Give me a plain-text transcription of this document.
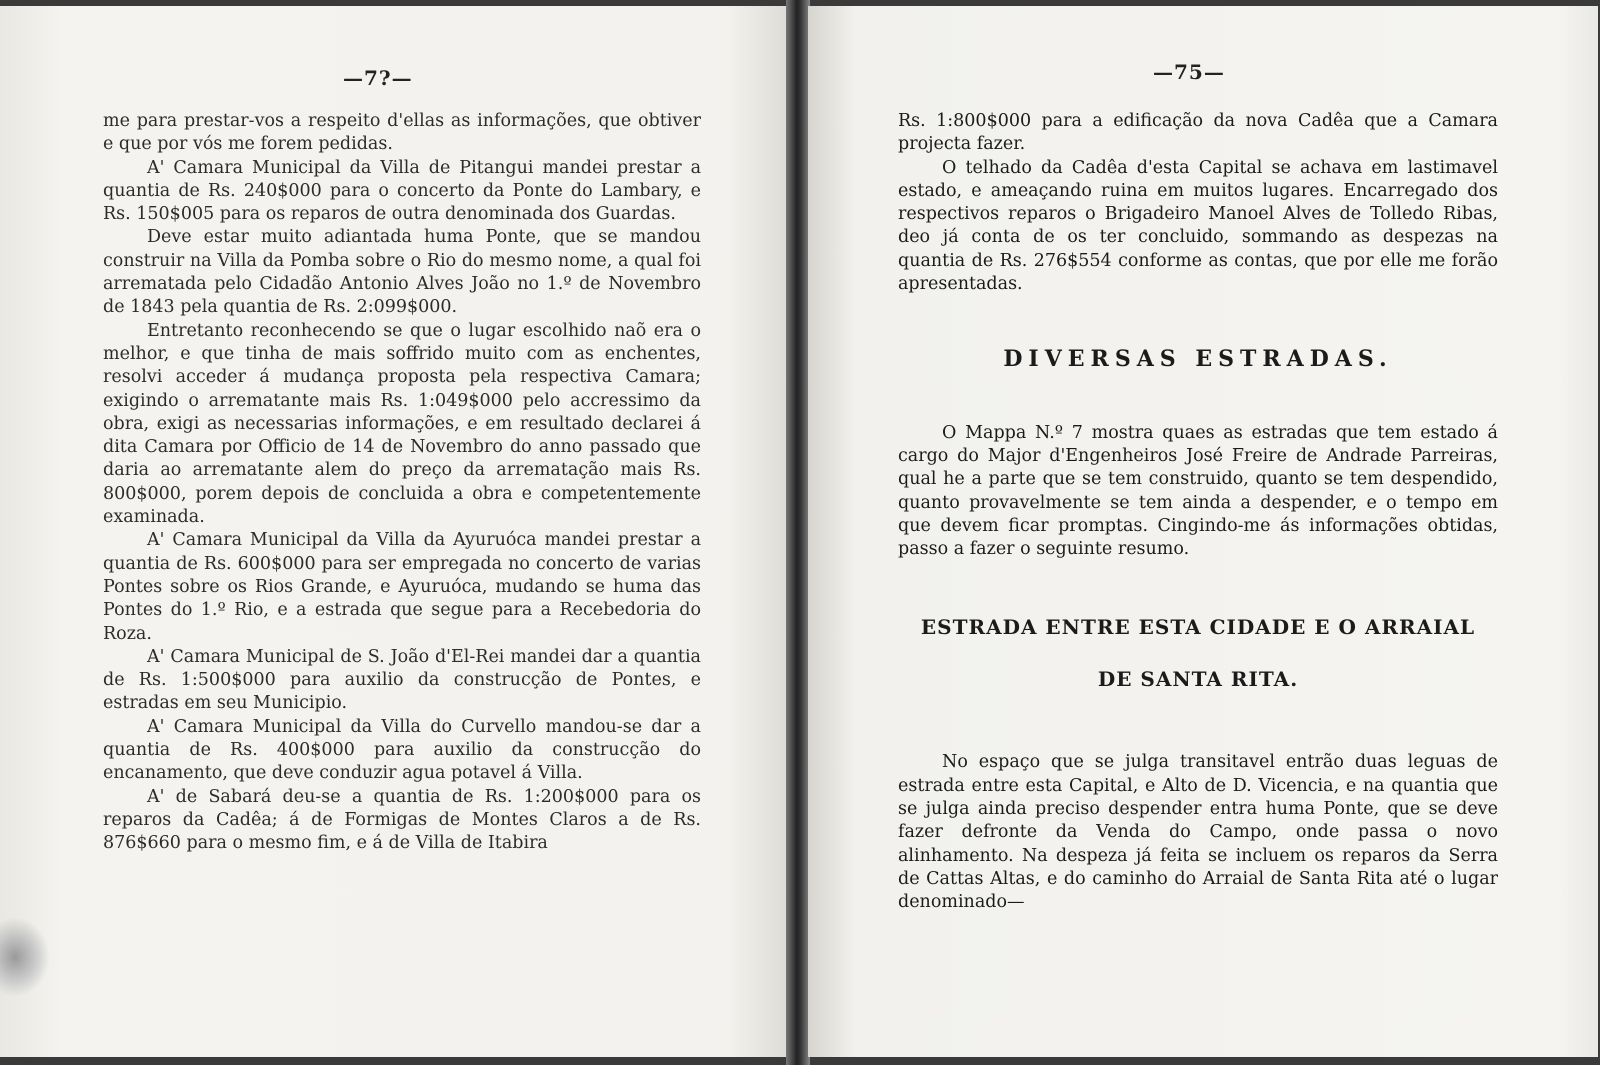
—7?—

me para prestar-vos a respeito d'ellas as informações, que obtiver e que por vós me forem pedidas.

A' Camara Municipal da Villa de Pitangui mandei prestar a quantia de Rs. 240$000 para o concerto da Ponte do Lambary, e Rs. 150$005 para os reparos de outra denominada dos Guardas.

Deve estar muito adiantada huma Ponte, que se mandou construir na Villa da Pomba sobre o Rio do mesmo nome, a qual foi arrematada pelo Cidadão Antonio Alves João no 1.º de Novembro de 1843 pela quantia de Rs. 2:099$000.

Entretanto reconhecendo se que o lugar escolhido naõ era o melhor, e que tinha de mais soffrido muito com as enchentes, resolvi acceder á mudança proposta pela respectiva Camara; exigindo o arrematante mais Rs. 1:049$000 pelo accressimo da obra, exigi as necessarias informações, e em resultado declarei á dita Camara por Officio de 14 de Novembro do anno passado que daria ao arrematante alem do preço da arrematação mais Rs. 800$000, porem depois de concluida a obra e competentemente examinada.

A' Camara Municipal da Villa da Ayuruóca mandei prestar a quantia de Rs. 600$000 para ser empregada no concerto de varias Pontes sobre os Rios Grande, e Ayuruóca, mudando se huma das Pontes do 1.º Rio, e a estrada que segue para a Recebedoria do Roza.

A' Camara Municipal de S. João d'El-Rei mandei dar a quantia de Rs. 1:500$000 para auxilio da construcção de Pontes, e estradas em seu Municipio.

A' Camara Municipal da Villa do Curvello mandou-se dar a quantia de Rs. 400$000 para auxilio da construcção do encanamento, que deve conduzir agua potavel á Villa.

A' de Sabará deu-se a quantia de Rs. 1:200$000 para os reparos da Cadêa; á de Formigas de Montes Claros a de Rs. 876$660 para o mesmo fim, e á de Villa de Itabira

—75—

Rs. 1:800$000 para a edificação da nova Cadêa que a Camara projecta fazer.

O telhado da Cadêa d'esta Capital se achava em lastimavel estado, e ameaçando ruina em muitos lugares. Encarregado dos respectivos reparos o Brigadeiro Manoel Alves de Tolledo Ribas, deo já conta de os ter concluido, sommando as despezas na quantia de Rs. 276$554 conforme as contas, que por elle me forão apresentadas.

DIVERSAS ESTRADAS.

O Mappa N.º 7 mostra quaes as estradas que tem estado á cargo do Major d'Engenheiros José Freire de Andrade Parreiras, qual he a parte que se tem construido, quanto se tem despendido, quanto provavelmente se tem ainda a despender, e o tempo em que devem ficar promptas. Cingindo-me ás informações obtidas, passo a fazer o seguinte resumo.

ESTRADA ENTRE ESTA CIDADE E O ARRAIAL

DE SANTA RITA.

No espaço que se julga transitavel entrão duas leguas de estrada entre esta Capital, e Alto de D. Vicencia, e na quantia que se julga ainda preciso despender entra huma Ponte, que se deve fazer defronte da Venda do Campo, onde passa o novo alinhamento. Na despeza já feita se incluem os reparos da Serra de Cattas Altas, e do caminho do Arraial de Santa Rita até o lugar denominado—
